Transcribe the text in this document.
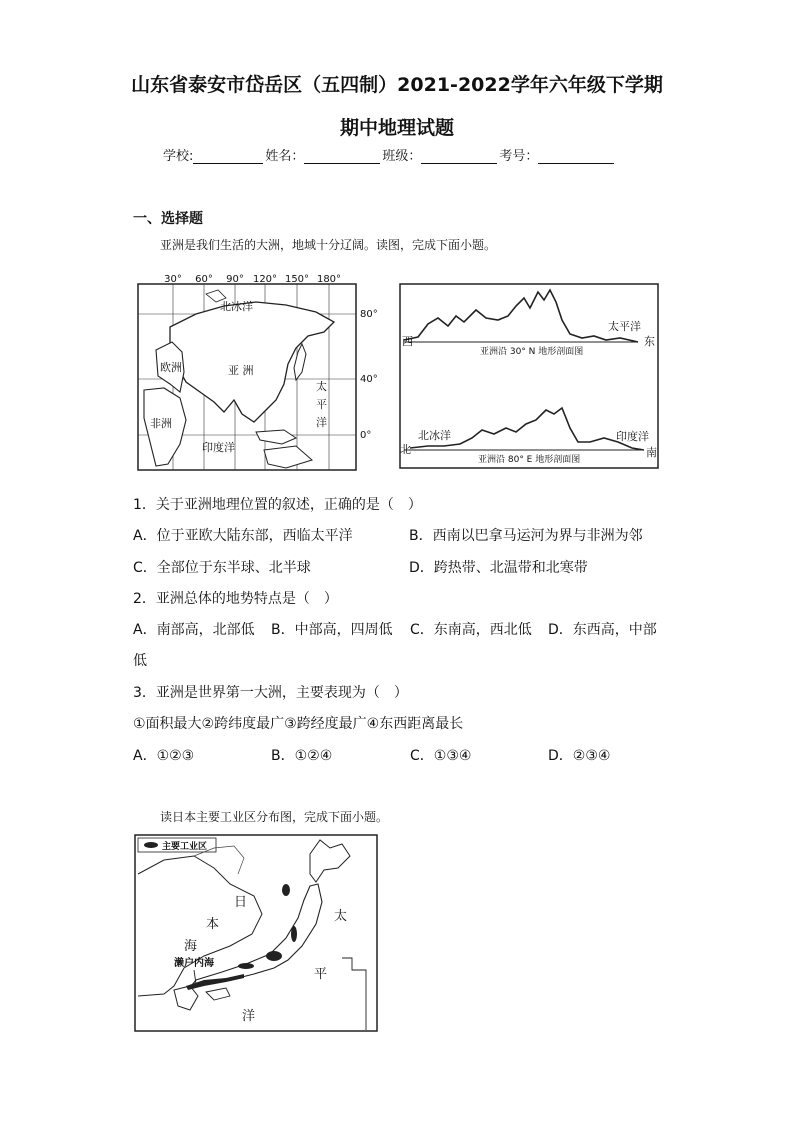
山东省泰安市岱岳区（五四制）2021-2022学年六年级下学期
期中地理试题
学校:	姓名：	班级：	考号：
一、选择题
亚洲是我们生活的大洲，地域十分辽阔。读图，完成下面小题。
30° 60° 90° 120° 150° 180°
80°
40°
0°
北冰洋
亚 洲
欧洲
非洲
印度洋
太
平
洋
亚洲沿 30° N 地形剖面图
西	东
太平洋
亚洲沿 80° E 地形剖面图
北	南
北冰洋	印度洋
1．关于亚洲地理位置的叙述，正确的是（　）
A．位于亚欧大陆东部，西临太平洋	B．西南以巴拿马运河为界与非洲为邻
C．全部位于东半球、北半球	D．跨热带、北温带和北寒带
2．亚洲总体的地势特点是（　）
A．南部高，北部低 B．中部高，四周低 C．东南高，西北低 D．东西高，中部
低
3．亚洲是世界第一大洲，主要表现为（　）
①面积最大②跨纬度最广③跨经度最广④东西距离最长
A．①②③	B．①②④	C．①③④	D．②③④
读日本主要工业区分布图，完成下面小题。
主要工业区
日
本
海
太
平
洋
濑户内海
